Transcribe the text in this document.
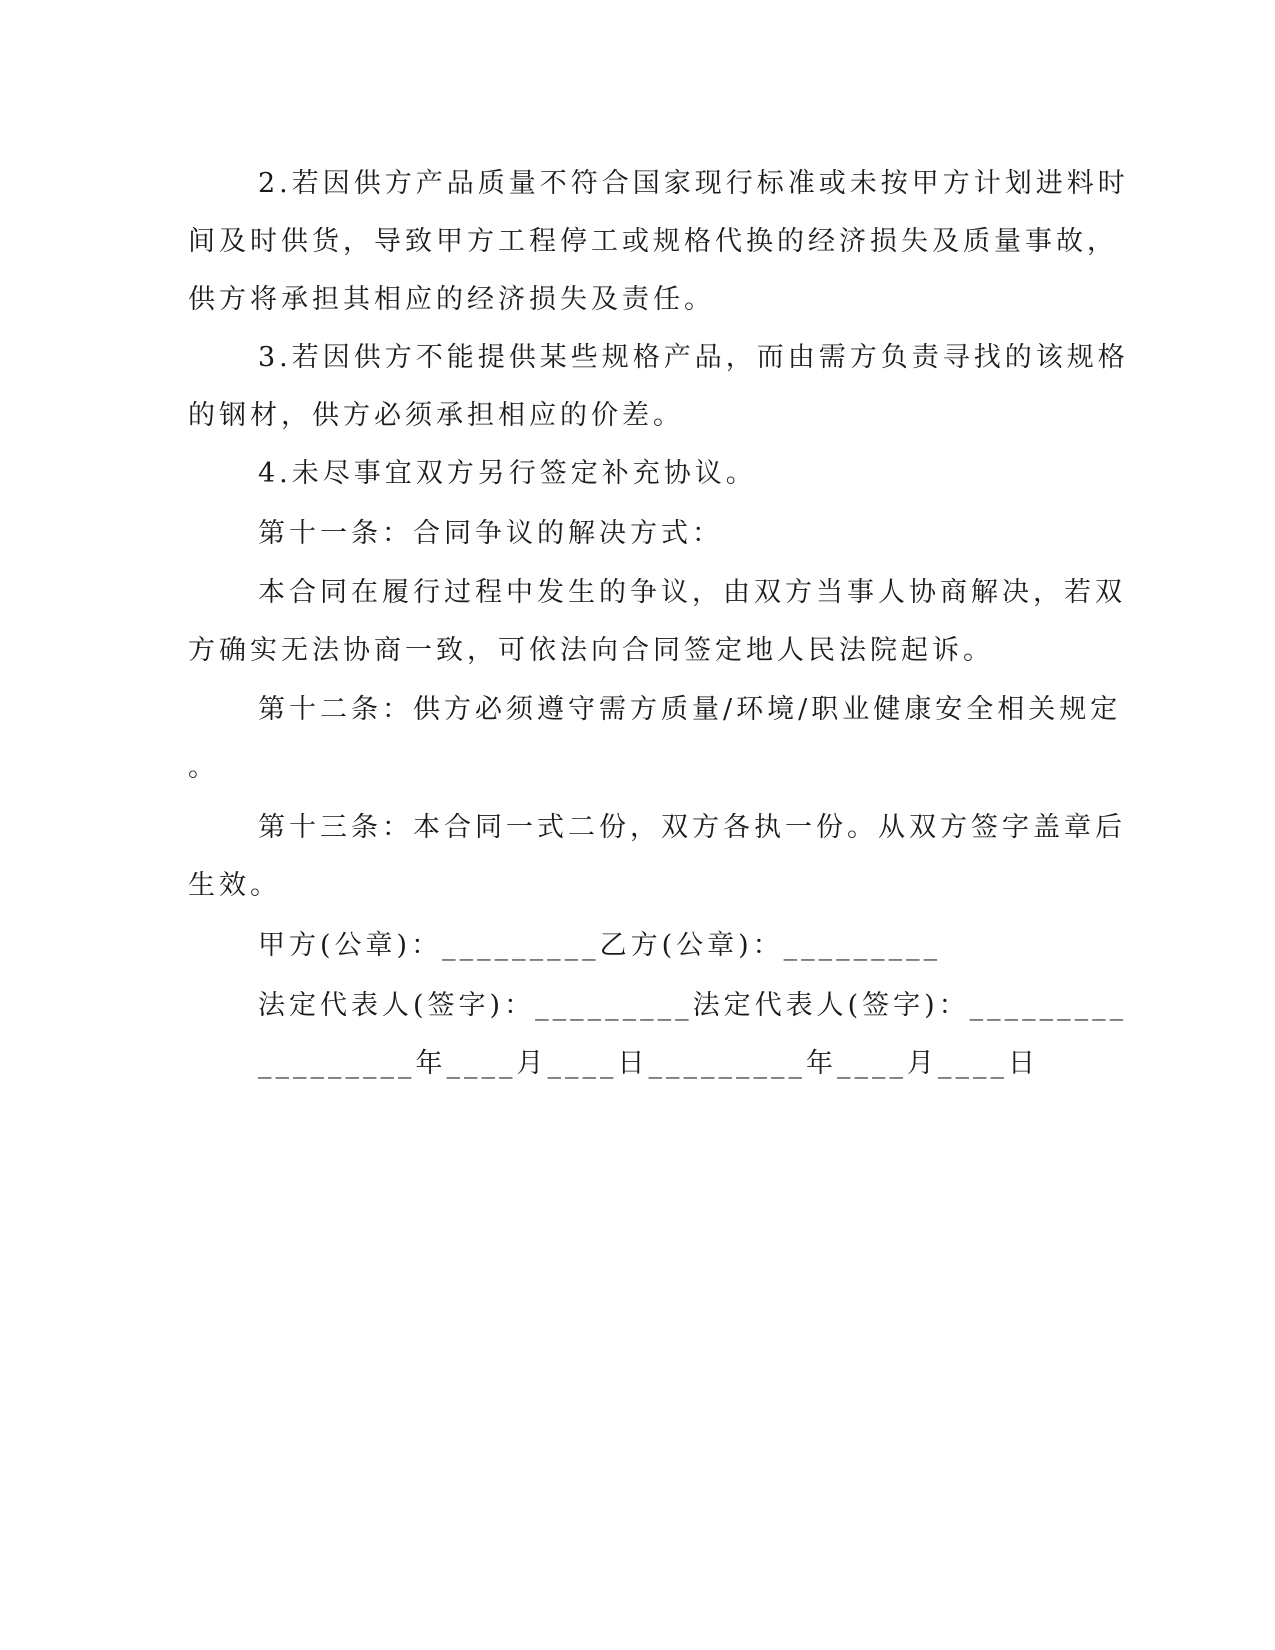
2.若因供方产品质量不符合国家现行标准或未按甲方计划进料时
间及时供货，导致甲方工程停工或规格代换的经济损失及质量事故，
供方将承担其相应的经济损失及责任。
3.若因供方不能提供某些规格产品，而由需方负责寻找的该规格
的钢材，供方必须承担相应的价差。
4.未尽事宜双方另行签定补充协议。
第十一条：合同争议的解决方式：
本合同在履行过程中发生的争议，由双方当事人协商解决，若双
方确实无法协商一致，可依法向合同签定地人民法院起诉。
第十二条：供方必须遵守需方质量/环境/职业健康安全相关规定
。
第十三条：本合同一式二份，双方各执一份。从双方签字盖章后
生效。
甲方(公章)：_________乙方(公章)：_________
法定代表人(签字)：_________法定代表人(签字)：_________
_________年____月____日_________年____月____日
